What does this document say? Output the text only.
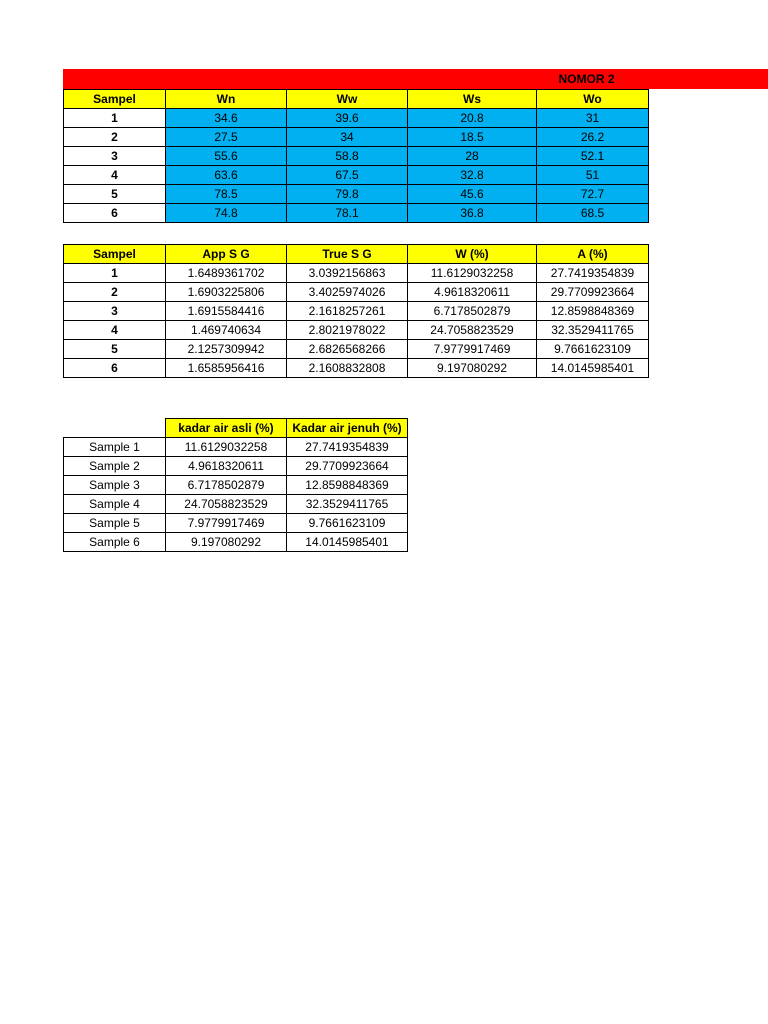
NOMOR 2
Sampel	Wn	Ww	Ws	Wo
1	34.6	39.6	20.8	31
2	27.5	34	18.5	26.2
3	55.6	58.8	28	52.1
4	63.6	67.5	32.8	51
5	78.5	79.8	45.6	72.7
6	74.8	78.1	36.8	68.5
Sampel	App S G	True S G	W (%)	A (%)
1	1.6489361702	3.0392156863	11.6129032258	27.7419354839
2	1.6903225806	3.4025974026	4.9618320611	29.7709923664
3	1.6915584416	2.1618257261	6.7178502879	12.8598848369
4	1.469740634	2.8021978022	24.7058823529	32.3529411765
5	2.1257309942	2.6826568266	7.9779917469	9.7661623109
6	1.6585956416	2.1608832808	9.197080292	14.0145985401
	kadar air asli (%)	Kadar air jenuh (%)
Sample 1	11.6129032258	27.7419354839
Sample 2	4.9618320611	29.7709923664
Sample 3	6.7178502879	12.8598848369
Sample 4	24.7058823529	32.3529411765
Sample 5	7.9779917469	9.7661623109
Sample 6	9.197080292	14.0145985401
